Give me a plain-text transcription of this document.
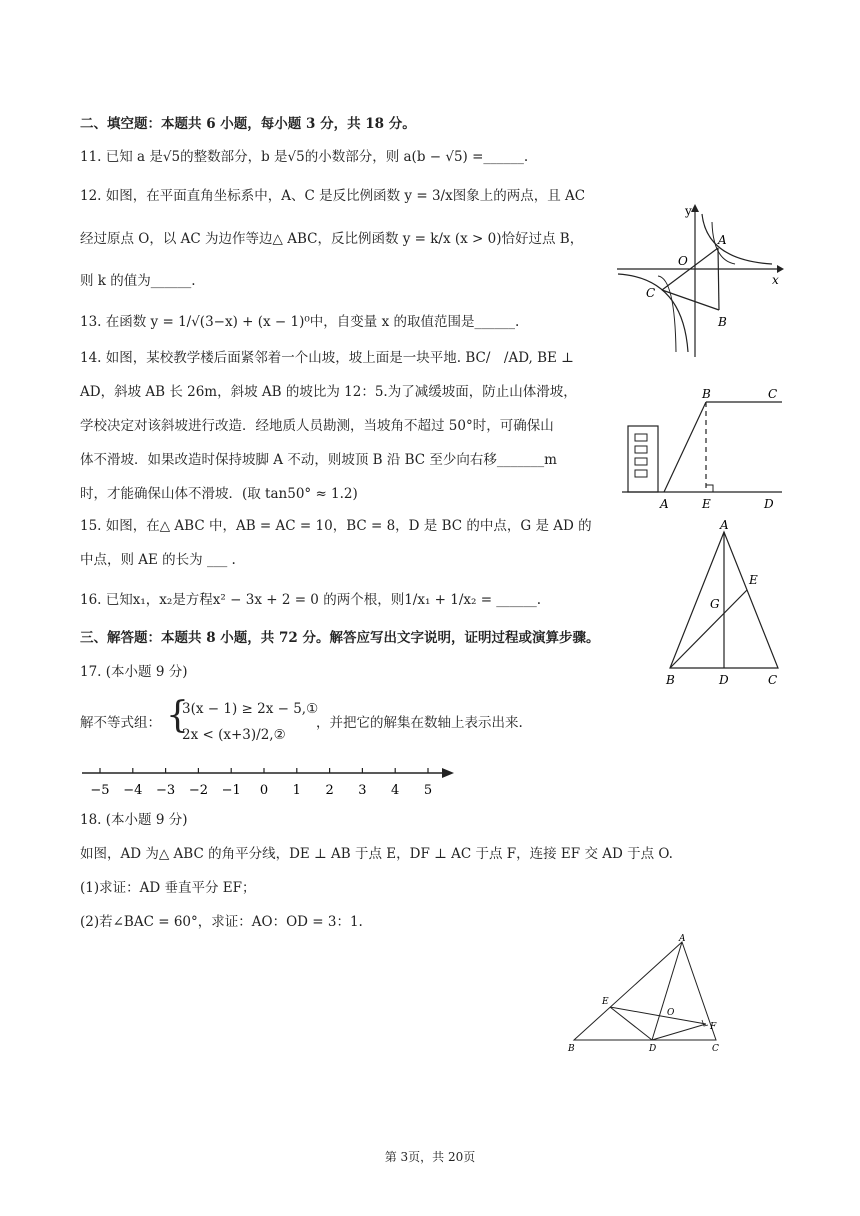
二、填空题：本题共 6 小题，每小题 3 分，共 18 分。
11. 已知 a 是√5的整数部分，b 是√5的小数部分，则 a(b − √5) =______.
12. 如图，在平面直角坐标系中，A、C 是反比例函数 y = 3/x图象上的两点，且 AC
经过原点 O，以 AC 为边作等边△ ABC，反比例函数 y = k/x (x > 0)恰好过点 B，
则 k 的值为______.
y
x
O
A
B
C
13. 在函数 y = 1/√(3−x) + (x − 1)⁰中，自变量 x 的取值范围是______.
14. 如图，某校教学楼后面紧邻着一个山坡，坡上面是一块平地. BC/　/AD, BE ⊥
AD，斜坡 AB 长 26m，斜坡 AB 的坡比为 12：5.为了减缓坡面，防止山体滑坡，
学校决定对该斜坡进行改造．经地质人员勘测，当坡角不超过 50°时，可确保山
体不滑坡．如果改造时保持坡脚 A 不动，则坡顶 B 沿 BC 至少向右移_______m
时，才能确保山体不滑坡．(取 tan50° ≈ 1.2)
A
B	C
D
E
15. 如图，在△ ABC 中，AB = AC = 10，BC = 8，D 是 BC 的中点，G 是 AD 的
中点，则 AE 的长为 ___ .
A
B	C
D
E
G
16. 已知x₁，x₂是方程x² − 3x + 2 = 0 的两个根，则1/x₁ + 1/x₂ = ______.
三、解答题：本题共 8 小题，共 72 分。解答应写出文字说明，证明过程或演算步骤。
17. (本小题 9 分)
解不等式组： {
3(x − 1) ≥ 2x − 5,①
2x < (x+3)/2,②
，并把它的解集在数轴上表示出来.
−5 −4 −3 −2 −1 0 1 2 3 4 5
18. (本小题 9 分)
如图，AD 为△ ABC 的角平分线，DE ⊥ AB 于点 E，DF ⊥ AC 于点 F，连接 EF 交 AD 于点 O.
(1)求证：AD 垂直平分 EF；
(2)若∠BAC = 60°，求证：AO：OD = 3：1.
A
B	C
D
E
F
O
第 3页，共 20页
